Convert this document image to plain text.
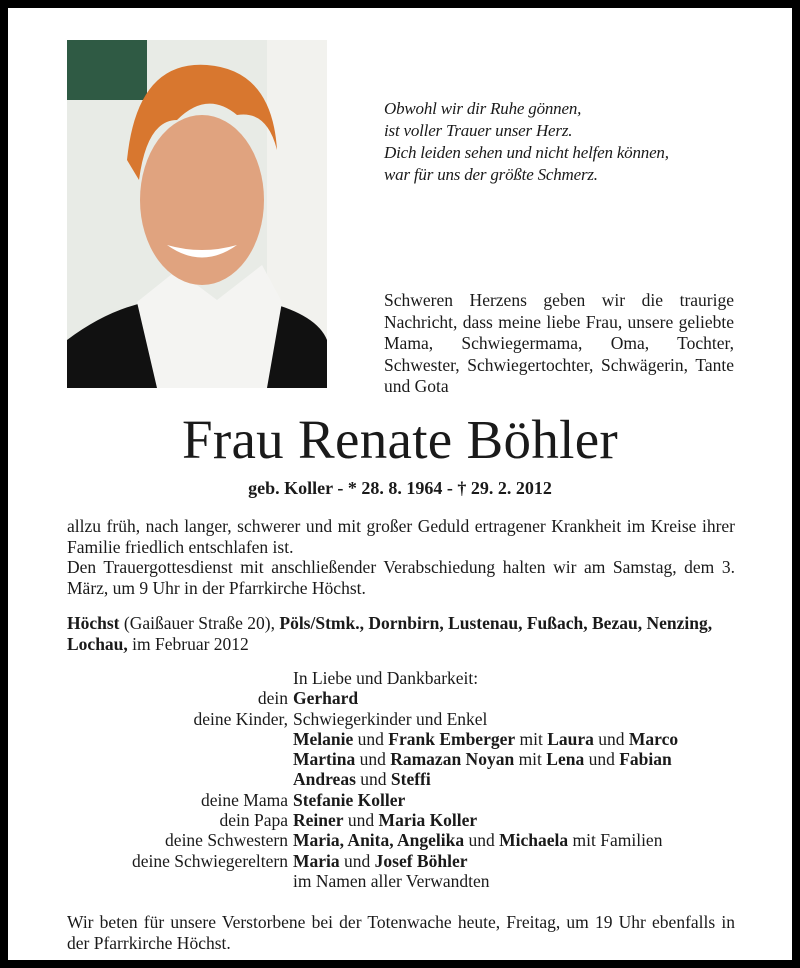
Obwohl wir dir Ruhe gönnen,
ist voller Trauer unser Herz.
Dich leiden sehen und nicht helfen können,
war für uns der größte Schmerz.
Schweren Herzens geben wir die traurige Nachricht, dass meine liebe Frau, unsere geliebte Mama, Schwiegermama, Oma, Tochter, Schwester, Schwiegertochter, Schwägerin, Tante und Gota
Frau Renate Böhler
geb. Koller - * 28. 8. 1964 - † 29. 2. 2012

allzu früh, nach langer, schwerer und mit großer Geduld ertragener Krankheit im Kreise ihrer Familie friedlich entschlafen ist.

Den Trauergottesdienst mit anschließender Verabschiedung halten wir am Samstag, dem 3. März, um 9 Uhr in der Pfarrkirche Höchst.

Höchst (Gaißauer Straße 20), Pöls/Stmk., Dornbirn, Lustenau, Fußach, Bezau, Nenzing, Lochau, im Februar 2012
In Liebe und Dankbarkeit:
dein Gerhard
deine Kinder, Schwiegerkinder und Enkel
Melanie und Frank Emberger mit Laura und Marco
Martina und Ramazan Noyan mit Lena und Fabian
Andreas und Steffi
deine Mama Stefanie Koller
dein Papa Reiner und Maria Koller
deine Schwestern Maria, Anita, Angelika und Michaela mit Familien
deine Schwiegereltern Maria und Josef Böhler
im Namen aller Verwandten
Wir beten für unsere Verstorbene bei der Totenwache heute, Freitag, um 19 Uhr ebenfalls in der Pfarrkirche Höchst.
